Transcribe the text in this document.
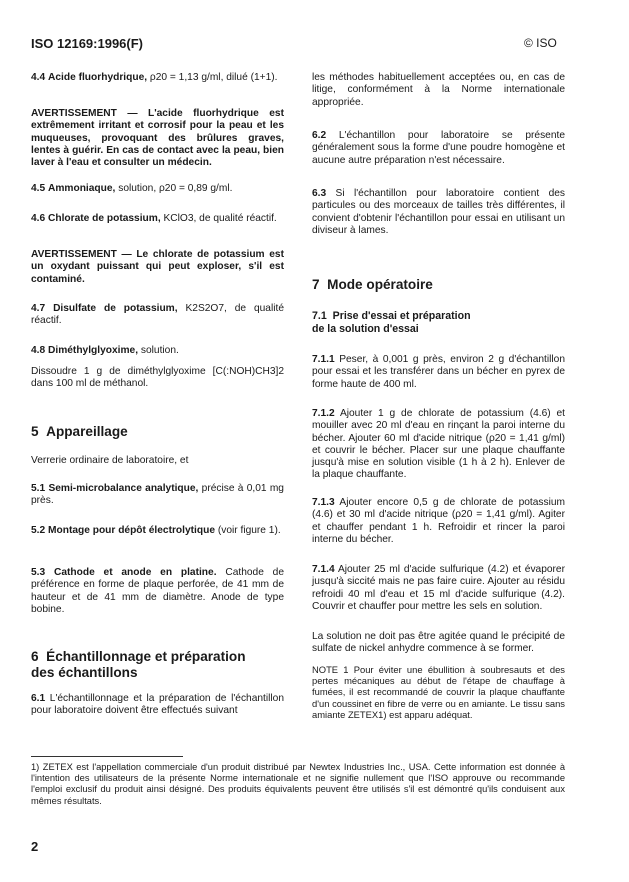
ISO 12169:1996(F)	© ISO

4.4 Acide fluorhydrique, ρ20 = 1,13 g/ml, dilué (1+1).

AVERTISSEMENT — L'acide fluorhydrique est extrêmement irritant et corrosif pour la peau et les muqueuses, provoquant des brûlures graves, lentes à guérir. En cas de contact avec la peau, bien laver à l'eau et consulter un médecin.

4.5 Ammoniaque, solution, ρ20 = 0,89 g/ml.

4.6 Chlorate de potassium, KClO3, de qualité réactif.

AVERTISSEMENT — Le chlorate de potassium est un oxydant puissant qui peut exploser, s'il est contaminé.

4.7 Disulfate de potassium, K2S2O7, de qualité réactif.

4.8 Diméthylglyoxime, solution.

Dissoudre 1 g de diméthylglyoxime [C(:NOH)CH3]2 dans 100 ml de méthanol.

5 Appareillage

Verrerie ordinaire de laboratoire, et

5.1 Semi-microbalance analytique, précise à 0,01 mg près.

5.2 Montage pour dépôt électrolytique (voir figure 1).

5.3 Cathode et anode en platine. Cathode de préférence en forme de plaque perforée, de 41 mm de hauteur et de 41 mm de diamètre. Anode de type bobine.

6 Échantillonnage et préparation
des échantillons

6.1 L'échantillonnage et la préparation de l'échantillon pour laboratoire doivent être effectués suivant

les méthodes habituellement acceptées ou, en cas de litige, conformément à la Norme internationale appropriée.

6.2 L'échantillon pour laboratoire se présente généralement sous la forme d'une poudre homogène et aucune autre préparation n'est nécessaire.

6.3 Si l'échantillon pour laboratoire contient des particules ou des morceaux de tailles très différentes, il convient d'obtenir l'échantillon pour essai en utilisant un diviseur à lames.

7 Mode opératoire
7.1 Prise d'essai et préparation
de la solution d'essai

7.1.1 Peser, à 0,001 g près, environ 2 g d'échantillon pour essai et les transférer dans un bécher en pyrex de forme haute de 400 ml.

7.1.2 Ajouter 1 g de chlorate de potassium (4.6) et mouiller avec 20 ml d'eau en rinçant la paroi interne du bécher. Ajouter 60 ml d'acide nitrique (ρ20 = 1,41 g/ml) et couvrir le bécher. Placer sur une plaque chauffante jusqu'à mise en solution visible (1 h à 2 h). Enlever de la plaque chauffante.

7.1.3 Ajouter encore 0,5 g de chlorate de potassium (4.6) et 30 ml d'acide nitrique (ρ20 = 1,41 g/ml). Agiter et chauffer pendant 1 h. Refroidir et rincer la paroi interne du bécher.

7.1.4 Ajouter 25 ml d'acide sulfurique (4.2) et évaporer jusqu'à siccité mais ne pas faire cuire. Ajouter au résidu refroidi 40 ml d'eau et 15 ml d'acide sulfurique (4.2). Couvrir et chauffer pour mettre les sels en solution.

La solution ne doit pas être agitée quand le précipité de sulfate de nickel anhydre commence à se former.

NOTE 1 Pour éviter une ébullition à soubresauts et des pertes mécaniques au début de l'étape de chauffage à fumées, il est recommandé de couvrir la plaque chauffante d'un coussinet en fibre de verre ou en amiante. Le tissu sans amiante ZETEX1) est apparu adéquat.

1) ZETEX est l'appellation commerciale d'un produit distribué par Newtex Industries Inc., USA. Cette information est donnée à l'intention des utilisateurs de la présente Norme internationale et ne signifie nullement que l'ISO approuve ou recommande l'emploi exclusif du produit ainsi désigné. Des produits équivalents peuvent être utilisés s'il est démontré qu'ils conduisent aux mêmes résultats.
2
